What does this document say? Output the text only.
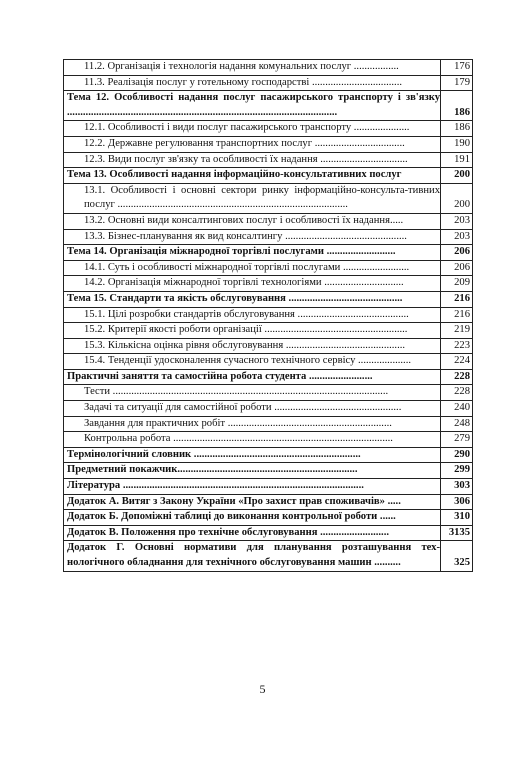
11.2. Організація і технологія надання комунальних послуг .................	176
11.3. Реалізація послуг у готельному господарстві ..................................	179
Тема 12. Особливості надання послуг пасажирського транспорту і зв'язку ......................................................................................................	186
12.1. Особливості і види послуг пасажирського транспорту .....................	186
12.2. Державне регулювання транспортних послуг ..................................	190
12.3. Види послуг зв'язку та особливості їх надання .................................	191
Тема 13. Особливості надання інформаційно-консультативних послуг	200
13.1. Особливості і основні сектори ринку інформаційно-консульта-тивних послуг .......................................................................................	200
13.2. Основні види консалтингових послуг і особливості їх надання.....	203
13.3. Бізнес-планування як вид консалтингу ..............................................	203
Тема 14. Організація міжнародної торгівлі послугами ..........................	206
14.1. Суть і особливості міжнародної торгівлі послугами .........................	206
14.2. Організація міжнародної торгівлі технологіями ..............................	209
Тема 15. Стандарти та якість обслуговування ...........................................	216
15.1. Цілі розробки стандартів обслуговування ..........................................	216
15.2. Критерії якості роботи організації ......................................................	219
15.3. Кількісна оцінка рівня обслуговування .............................................	223
15.4. Тенденції удосконалення сучасного технічного сервісу ....................	224
Практичні заняття та самостійна робота студента ........................	228
Тести ........................................................................................................	228
Задачі та ситуації для самостійної роботи ................................................	240
Завдання для практичних робіт ..............................................................	248
Контрольна робота ...................................................................................	279
Термінологічний словник ...............................................................	290
Предметний покажчик....................................................................	299
Література ...........................................................................................	303
Додаток А. Витяг з Закону України «Про захист прав споживачів» .....	306
Додаток Б. Допоміжні таблиці до виконання контрольної роботи ......	310
Додаток В. Положення про технічне обслуговування ..........................	3135
Додаток Г. Основні нормативи для планування розташування тех-нологічного обладнання для технічного обслуговування машин ..........	325
5
